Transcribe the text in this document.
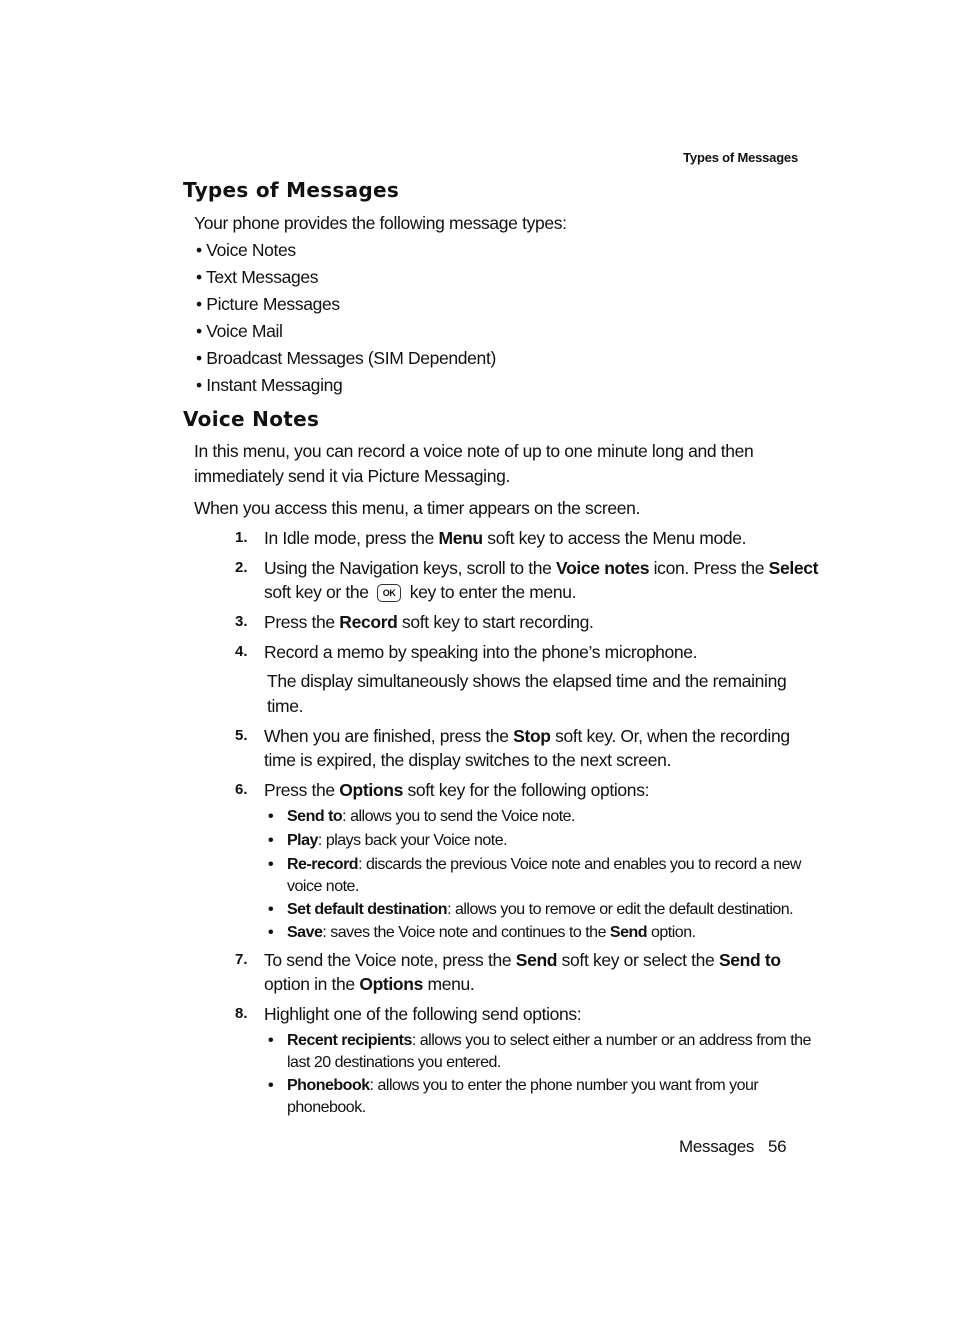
Types of Messages
Types of Messages
Your phone provides the following message types:
• Voice Notes
• Text Messages
• Picture Messages
• Voice Mail
• Broadcast Messages (SIM Dependent)
• Instant Messaging
Voice Notes
In this menu, you can record a voice note of up to one minute long and then
immediately send it via Picture Messaging.
When you access this menu, a timer appears on the screen.
1. In Idle mode, press the Menu soft key to access the Menu mode.
2. Using the Navigation keys, scroll to the Voice notes icon. Press the Select
soft key or the OK key to enter the menu.
3. Press the Record soft key to start recording.
4. Record a memo by speaking into the phone’s microphone.
The display simultaneously shows the elapsed time and the remaining
time.
5. When you are finished, press the Stop soft key. Or, when the recording
time is expired, the display switches to the next screen.
6. Press the Options soft key for the following options:
• Send to: allows you to send the Voice note.
• Play: plays back your Voice note.
• Re-record: discards the previous Voice note and enables you to record a new
voice note.
• Set default destination: allows you to remove or edit the default destination.
• Save: saves the Voice note and continues to the Send option.
7. To send the Voice note, press the Send soft key or select the Send to
option in the Options menu.
8. Highlight one of the following send options:
• Recent recipients: allows you to select either a number or an address from the
last 20 destinations you entered.
• Phonebook: allows you to enter the phone number you want from your
phonebook.
Messages 56
